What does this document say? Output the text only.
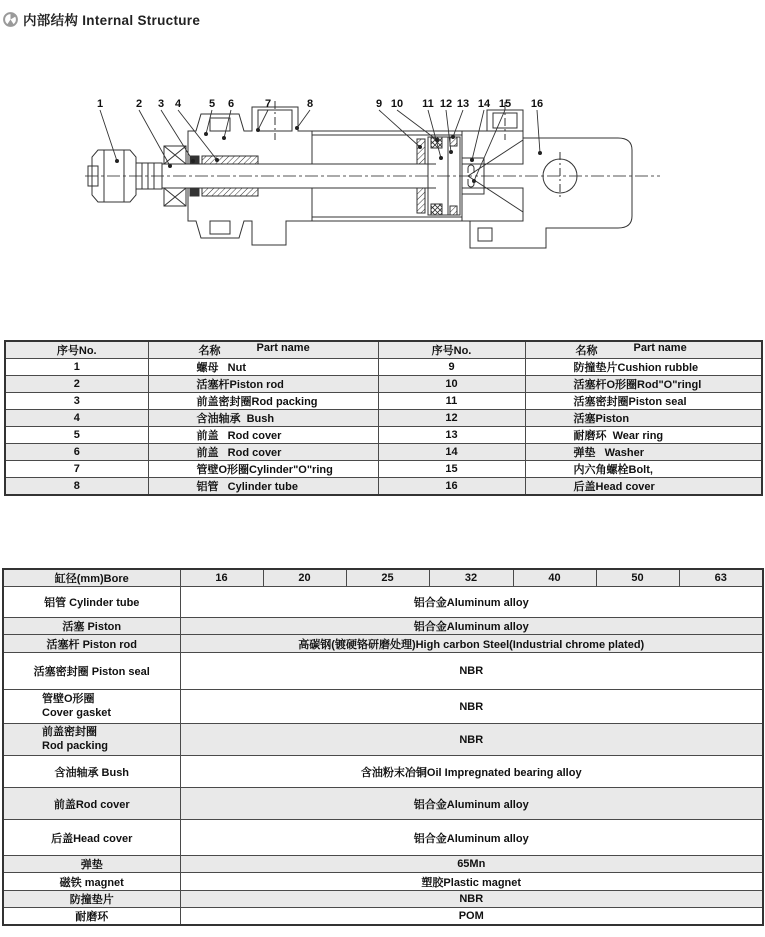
内部结构 Internal Structure
1	2 3 4	5 6	7	8	9 10 11 12 13 14 15 16
序号No.	名称 Part name	序号No.	名称 Part name

1	螺母   Nut	9	防撞垫片Cushion rubble
2	活塞杆Piston rod	10	活塞杆O形圈Rod"O"ringl
3	前盖密封圈Rod packing	11	活塞密封圈Piston seal
4	含油轴承  Bush	12	活塞Piston
5	前盖   Rod cover	13	耐磨环  Wear ring
6	前盖   Rod cover	14	弹垫   Washer
7	管壁O形圈Cylinder"O"ring	15	内六角螺栓Bolt,
8	铝管   Cylinder tube	16	后盖Head cover
缸径(mm)Bore	16	20	25	32	40	50	63
铝管 Cylinder tube	铝合金Aluminum alloy						
活塞 Piston	铝合金Aluminum alloy						
活塞杆 Piston rod	高碳钢(镀硬铬研磨处理)High carbon Steel(Industrial chrome plated)						
活塞密封圈 Piston seal	NBR						
管壁O形圈
Cover gasket	NBR						
前盖密封圈
Rod packing	NBR						
含油轴承 Bush	含油粉末冶铜Oil Impregnated bearing alloy						
前盖Rod cover	铝合金Aluminum alloy						
后盖Head cover	铝合金Aluminum alloy						
弹垫	65Mn						
磁铁 magnet	塑胶Plastic magnet						
防撞垫片	NBR						
耐磨环	POM						
